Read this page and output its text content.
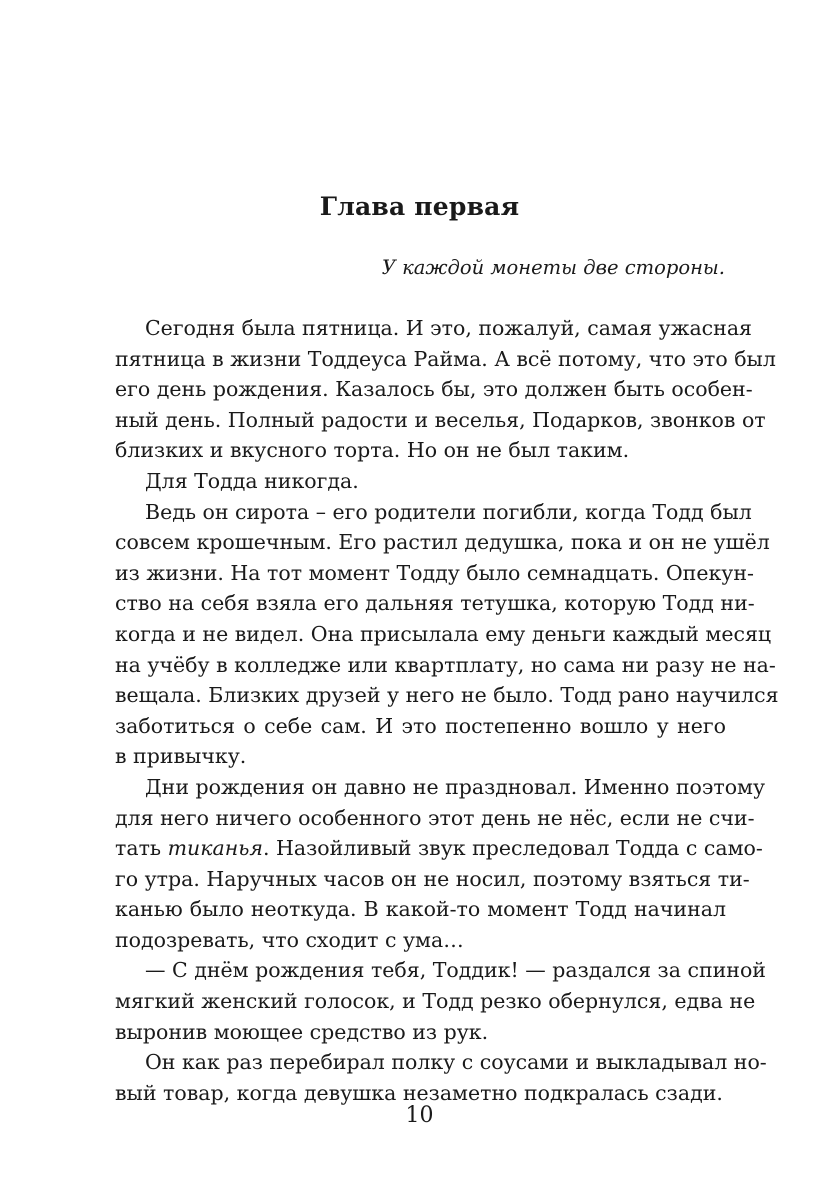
Глава первая

У каждой монеты две стороны.

Сегодня была пятница. И это, пожалуй, самая ужасная
пятница в жизни Тоддеуса Райма. А всё потому, что это был
его день рождения. Казалось бы, это должен быть особен-
ный день. Полный радости и веселья, Подарков, звонков от
близких и вкусного торта. Но он не был таким.
Для Тодда никогда.
Ведь он сирота – его родители погибли, когда Тодд был
совсем крошечным. Его растил дедушка, пока и он не ушёл
из жизни. На тот момент Тодду было семнадцать. Опекун-
ство на себя взяла его дальняя тетушка, которую Тодд ни-
когда и не видел. Она присылала ему деньги каждый месяц
на учёбу в колледже или квартплату, но сама ни разу не на-
вещала. Близких друзей у него не было. Тодд рано научился
заботиться о себе сам. И это постепенно вошло у него
в привычку.
Дни рождения он давно не праздновал. Именно поэтому
для него ничего особенного этот день не нёс, если не счи-
тать тиканья. Назойливый звук преследовал Тодда с само-
го утра. Наручных часов он не носил, поэтому взяться ти-
канью было неоткуда. В какой-то момент Тодд начинал
подозревать, что сходит с ума…
— С днём рождения тебя, Тоддик! — раздался за спиной
мягкий женский голосок, и Тодд резко обернулся, едва не
выронив моющее средство из рук.
Он как раз перебирал полку с соусами и выкладывал но-
вый товар, когда девушка незаметно подкралась сзади.
10
